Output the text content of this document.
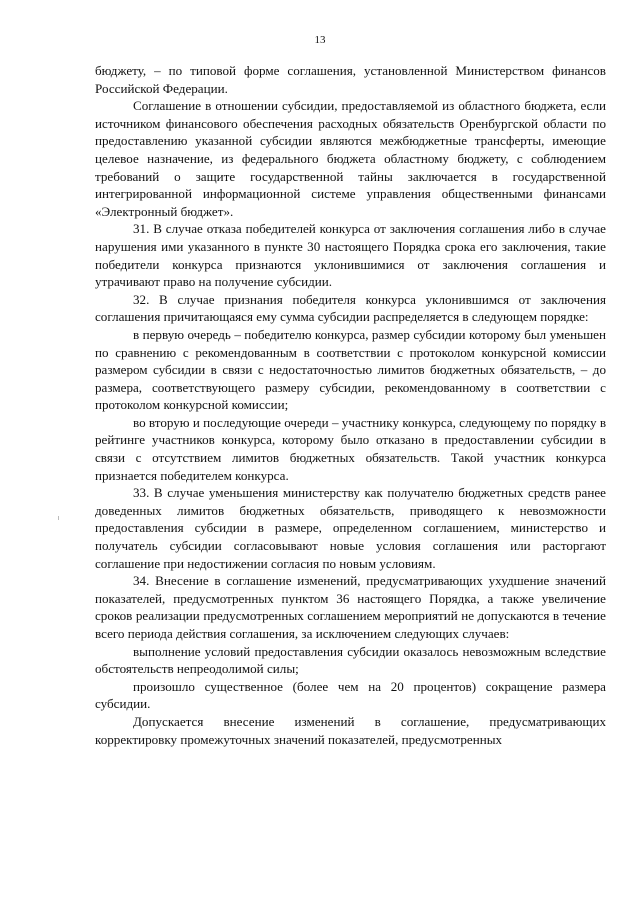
13

бюджету, – по типовой форме соглашения, установленной Министерством финансов Российской Федерации.

Соглашение в отношении субсидии, предоставляемой из областного бюджета, если источником финансового обеспечения расходных обязательств Оренбургской области по предоставлению указанной субсидии являются межбюджетные трансферты, имеющие целевое назначение, из федерального бюджета областному бюджету, с соблюдением требований о защите государственной тайны заключается в государственной интегрированной информационной системе управления общественными финансами «Электронный бюджет».

31. В случае отказа победителей конкурса от заключения соглашения либо в случае нарушения ими указанного в пункте 30 настоящего Порядка срока его заключения, такие победители конкурса признаются уклонившимися от заключения соглашения и утрачивают право на получение субсидии.

32. В случае признания победителя конкурса уклонившимся от заключения соглашения причитающаяся ему сумма субсидии распределяется в следующем порядке:

в первую очередь – победителю конкурса, размер субсидии которому был уменьшен по сравнению с рекомендованным в соответствии с протоколом конкурсной комиссии размером субсидии в связи с недостаточностью лимитов бюджетных обязательств, – до размера, соответствующего размеру субсидии, рекомендованному в соответствии с протоколом конкурсной комиссии;

во вторую и последующие очереди – участнику конкурса, следующему по порядку в рейтинге участников конкурса, которому было отказано в предоставлении субсидии в связи с отсутствием лимитов бюджетных обязательств. Такой участник конкурса признается победителем конкурса.

33. В случае уменьшения министерству как получателю бюджетных средств ранее доведенных лимитов бюджетных обязательств, приводящего к невозможности предоставления субсидии в размере, определенном соглашением, министерство и получатель субсидии согласовывают новые условия соглашения или расторгают соглашение при недостижении согласия по новым условиям.

34. Внесение в соглашение изменений, предусматривающих ухудшение значений показателей, предусмотренных пунктом 36 настоящего Порядка, а также увеличение сроков реализации предусмотренных соглашением мероприятий не допускаются в течение всего периода действия соглашения, за исключением следующих случаев:

выполнение условий предоставления субсидии оказалось невозможным вследствие обстоятельств непреодолимой силы;

произошло существенное (более чем на 20 процентов) сокращение размера субсидии.

Допускается внесение изменений в соглашение, предусматривающих корректировку промежуточных значений показателей, предусмотренных
